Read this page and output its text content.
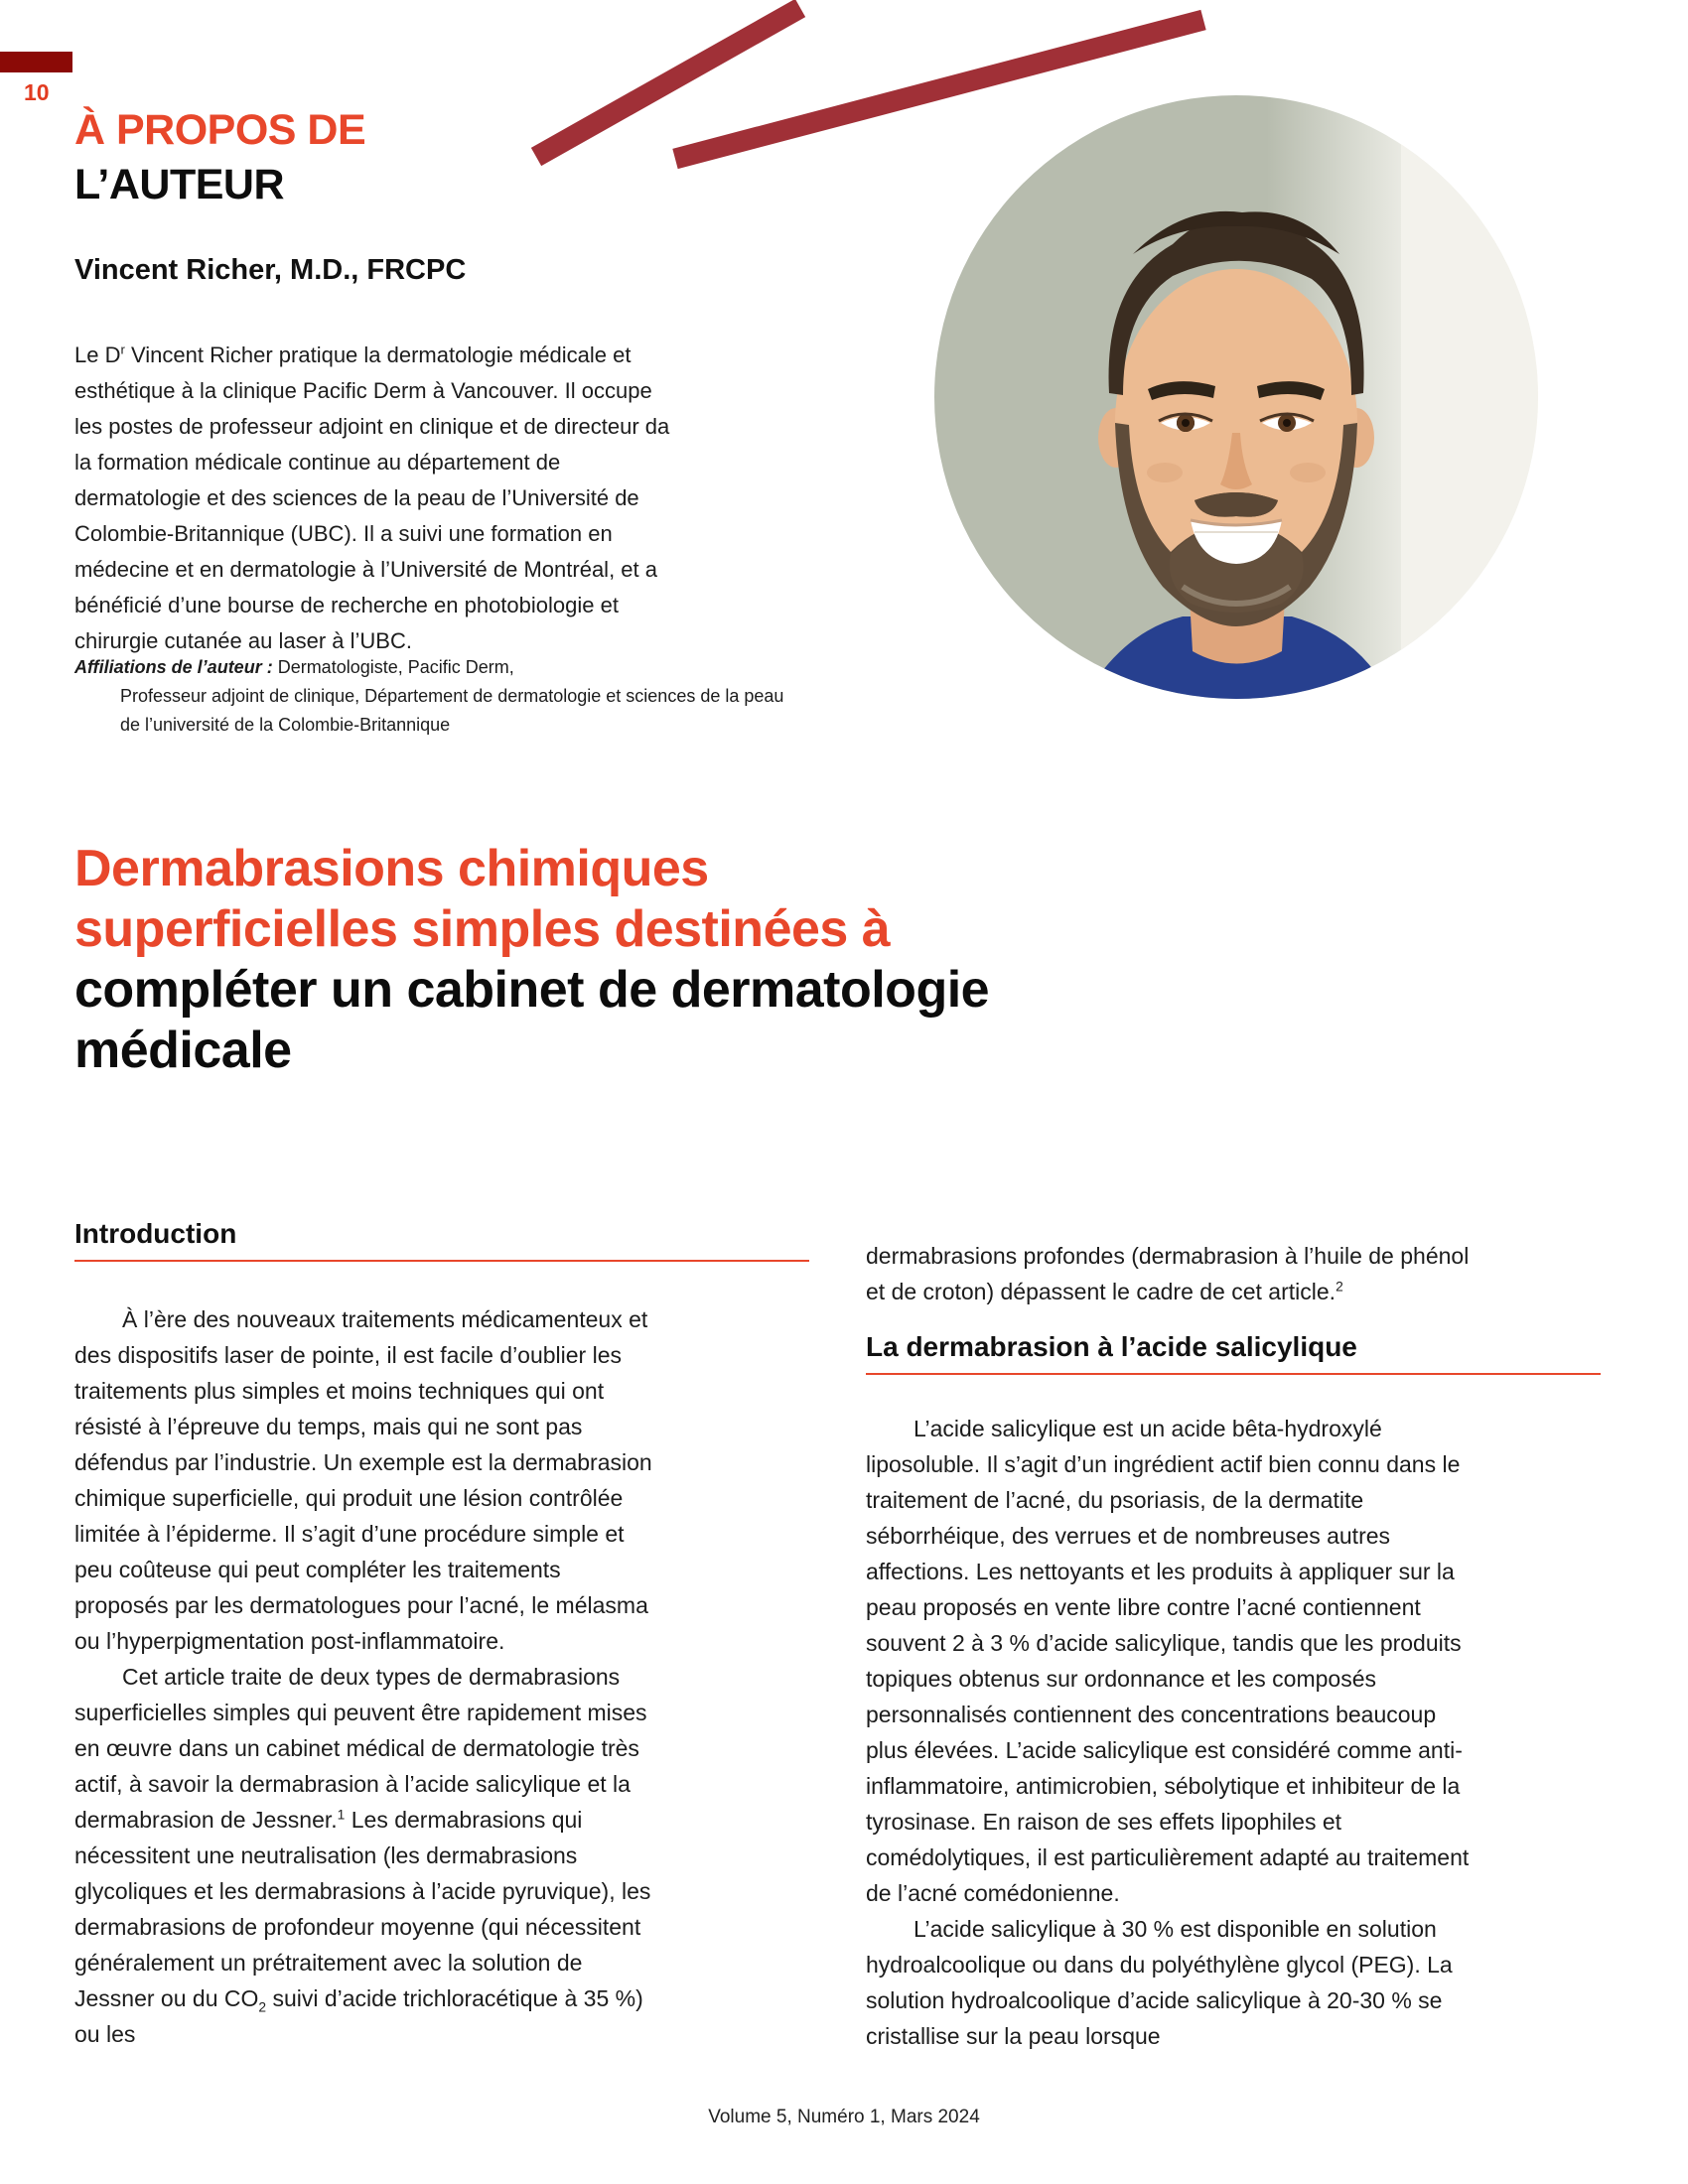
10
À PROPOS DE
L’AUTEUR
Vincent Richer, M.D., FRCPC

Le $D^r$ Vincent Richer pratique la dermatologie médicale et esthétique à la clinique Pacific Derm à Vancouver. Il occupe les postes de professeur adjoint en clinique et de directeur da la formation médicale continue au département de dermatologie et des sciences de la peau de l’Université de Colombie-Britannique (UBC). Il a suivi une formation en médecine et en dermatologie à l’Université de Montréal, et a bénéficié d’une bourse de recherche en photobiologie et chirurgie cutanée au laser à l’UBC.

Affiliations de l’auteur : Dermatologiste, Pacific Derm,
Professeur adjoint de clinique, Département de dermatologie et sciences de la peau
de l’université de la Colombie-Britannique
Dermabrasions chimiques
superficielles simples destinées à
compléter un cabinet de dermatologie
médicale
Introduction

À l’ère des nouveaux traitements médicamenteux et des dispositifs laser de pointe, il est facile d’oublier les traitements plus simples et moins techniques qui ont résisté à l’épreuve du temps, mais qui ne sont pas défendus par l’industrie. Un exemple est la dermabrasion chimique superficielle, qui produit une lésion contrôlée limitée à l’épiderme. Il s’agit d’une procédure simple et peu coûteuse qui peut compléter les traitements proposés par les dermatologues pour l’acné, le mélasma ou l’hyperpigmentation post-inflammatoire.

Cet article traite de deux types de dermabrasions superficielles simples qui peuvent être rapidement mises en œuvre dans un cabinet médical de dermatologie très actif, à savoir la dermabrasion à l’acide salicylique et la dermabrasion de Jessner.$^1$ Les dermabrasions qui nécessitent une neutralisation (les dermabrasions glycoliques et les dermabrasions à l’acide pyruvique), les dermabrasions de profondeur moyenne (qui nécessitent généralement un prétraitement avec la solution de Jessner ou du $CO_2$ suivi d’acide trichloracétique à 35 %) ou les

dermabrasions profondes (dermabrasion à l’huile de phénol et de croton) dépassent le cadre de cet article.$^2$

La dermabrasion à l’acide salicylique

L’acide salicylique est un acide bêta-hydroxylé liposoluble. Il s’agit d’un ingrédient actif bien connu dans le traitement de l’acné, du psoriasis, de la dermatite séborrhéique, des verrues et de nombreuses autres affections. Les nettoyants et les produits à appliquer sur la peau proposés en vente libre contre l’acné contiennent souvent 2 à 3 % d’acide salicylique, tandis que les produits topiques obtenus sur ordonnance et les composés personnalisés contiennent des concentrations beaucoup plus élevées. L’acide salicylique est considéré comme anti-inflammatoire, antimicrobien, sébolytique et inhibiteur de la tyrosinase. En raison de ses effets lipophiles et comédolytiques, il est particulièrement adapté au traitement de l’acné comédonienne.

L’acide salicylique à 30 % est disponible en solution hydroalcoolique ou dans du polyéthylène glycol (PEG). La solution hydroalcoolique d’acide salicylique à 20-30 % se cristallise sur la peau lorsque

Volume 5, Numéro 1, Mars 2024
